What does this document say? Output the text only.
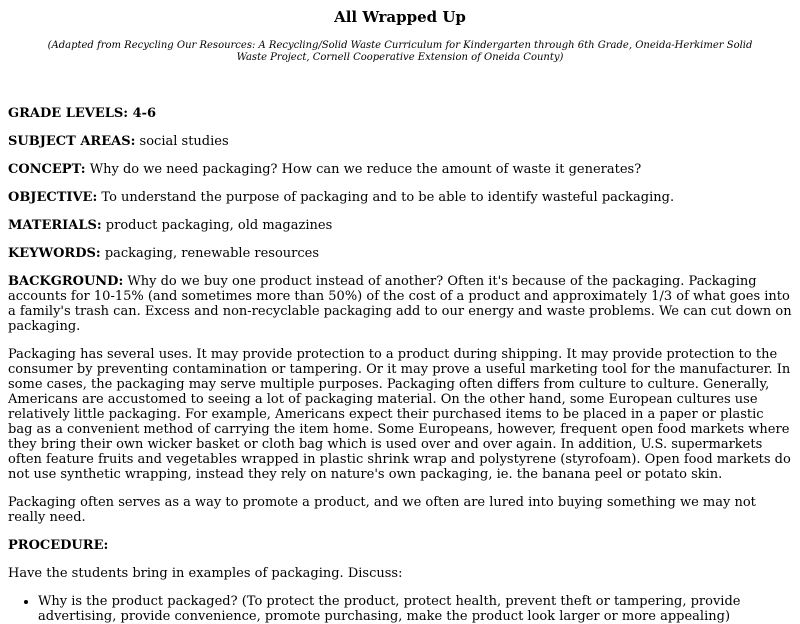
All Wrapped Up
(Adapted from Recycling Our Resources: A Recycling/Solid Waste Curriculum for Kindergarten through 6th Grade, Oneida-Herkimer Solid Waste Project, Cornell Cooperative Extension of Oneida County)

GRADE LEVELS: 4-6

SUBJECT AREAS: social studies

CONCEPT: Why do we need packaging? How can we reduce the amount of waste it generates?

OBJECTIVE: To understand the purpose of packaging and to be able to identify wasteful packaging.

MATERIALS: product packaging, old magazines

KEYWORDS: packaging, renewable resources

BACKGROUND: Why do we buy one product instead of another? Often it's because of the packaging. Packaging accounts for 10-15% (and sometimes more than 50%) of the cost of a product and approximately 1/3 of what goes into a family's trash can. Excess and non-recyclable packaging add to our energy and waste problems. We can cut down on packaging.

Packaging has several uses. It may provide protection to a product during shipping. It may provide protection to the consumer by preventing contamination or tampering. Or it may prove a useful marketing tool for the manufacturer. In some cases, the packaging may serve multiple purposes. Packaging often differs from culture to culture. Generally, Americans are accustomed to seeing a lot of packaging material. On the other hand, some European cultures use relatively little packaging. For example, Americans expect their purchased items to be placed in a paper or plastic bag as a convenient method of carrying the item home. Some Europeans, however, frequent open food markets where they bring their own wicker basket or cloth bag which is used over and over again. In addition, U.S. supermarkets often feature fruits and vegetables wrapped in plastic shrink wrap and polystyrene (styrofoam). Open food markets do not use synthetic wrapping, instead they rely on nature's own packaging, ie. the banana peel or potato skin.

Packaging often serves as a way to promote a product, and we often are lured into buying something we may not really need.

PROCEDURE:

Have the students bring in examples of packaging. Discuss:

• Why is the product packaged? (To protect the product, protect health, prevent theft or tampering, provide advertising, provide convenience, promote purchasing, make the product look larger or more appealing)
